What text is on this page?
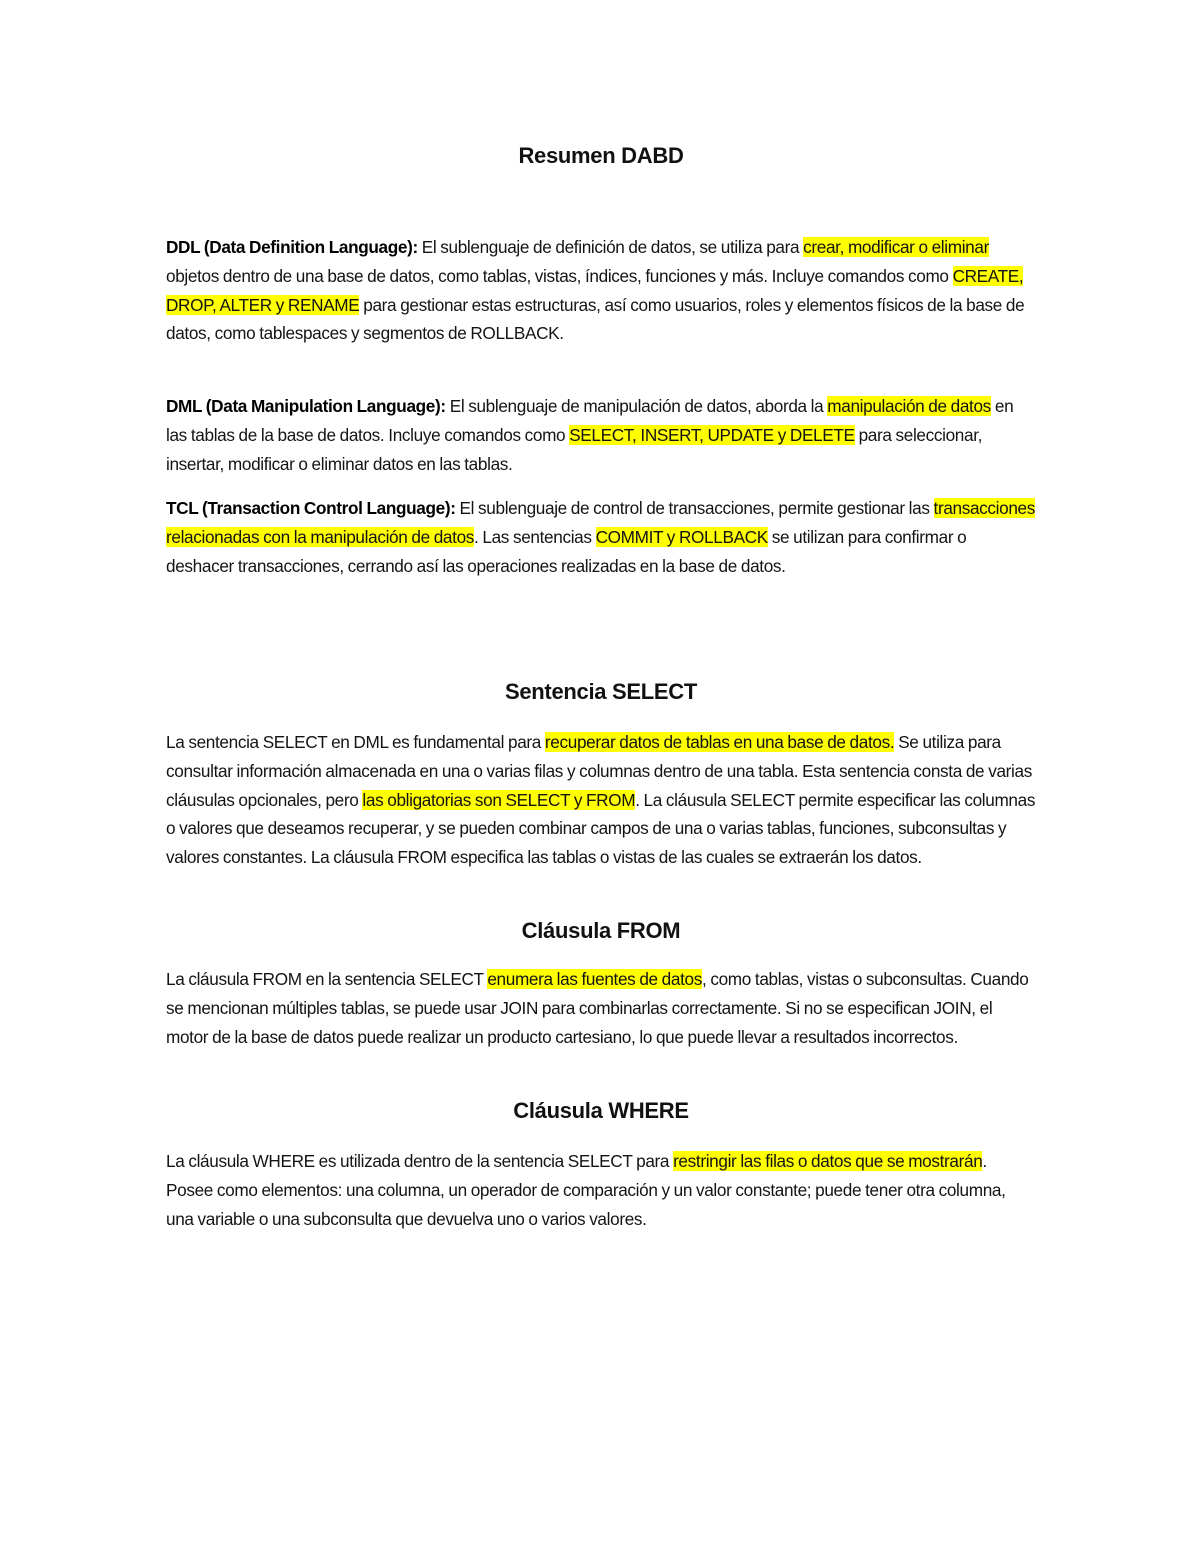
Resumen DABD

DDL (Data Definition Language): El sublenguaje de definición de datos, se utiliza para crear, modificar o eliminar objetos dentro de una base de datos, como tablas, vistas, índices, funciones y más. Incluye comandos como CREATE, DROP, ALTER y RENAME para gestionar estas estructuras, así como usuarios, roles y elementos físicos de la base de datos, como tablespaces y segmentos de ROLLBACK.

DML (Data Manipulation Language): El sublenguaje de manipulación de datos, aborda la manipulación de datos en las tablas de la base de datos. Incluye comandos como SELECT, INSERT, UPDATE y DELETE para seleccionar, insertar, modificar o eliminar datos en las tablas.

TCL (Transaction Control Language): El sublenguaje de control de transacciones, permite gestionar las transacciones relacionadas con la manipulación de datos. Las sentencias COMMIT y ROLLBACK se utilizan para confirmar o deshacer transacciones, cerrando así las operaciones realizadas en la base de datos.

Sentencia SELECT

La sentencia SELECT en DML es fundamental para recuperar datos de tablas en una base de datos. Se utiliza para consultar información almacenada en una o varias filas y columnas dentro de una tabla. Esta sentencia consta de varias cláusulas opcionales, pero las obligatorias son SELECT y FROM. La cláusula SELECT permite especificar las columnas o valores que deseamos recuperar, y se pueden combinar campos de una o varias tablas, funciones, subconsultas y valores constantes. La cláusula FROM especifica las tablas o vistas de las cuales se extraerán los datos.

Cláusula FROM

La cláusula FROM en la sentencia SELECT enumera las fuentes de datos, como tablas, vistas o subconsultas. Cuando se mencionan múltiples tablas, se puede usar JOIN para combinarlas correctamente. Si no se especifican JOIN, el motor de la base de datos puede realizar un producto cartesiano, lo que puede llevar a resultados incorrectos.

Cláusula WHERE

La cláusula WHERE es utilizada dentro de la sentencia SELECT para restringir las filas o datos que se mostrarán. Posee como elementos: una columna, un operador de comparación y un valor constante; puede tener otra columna, una variable o una subconsulta que devuelva uno o varios valores.
